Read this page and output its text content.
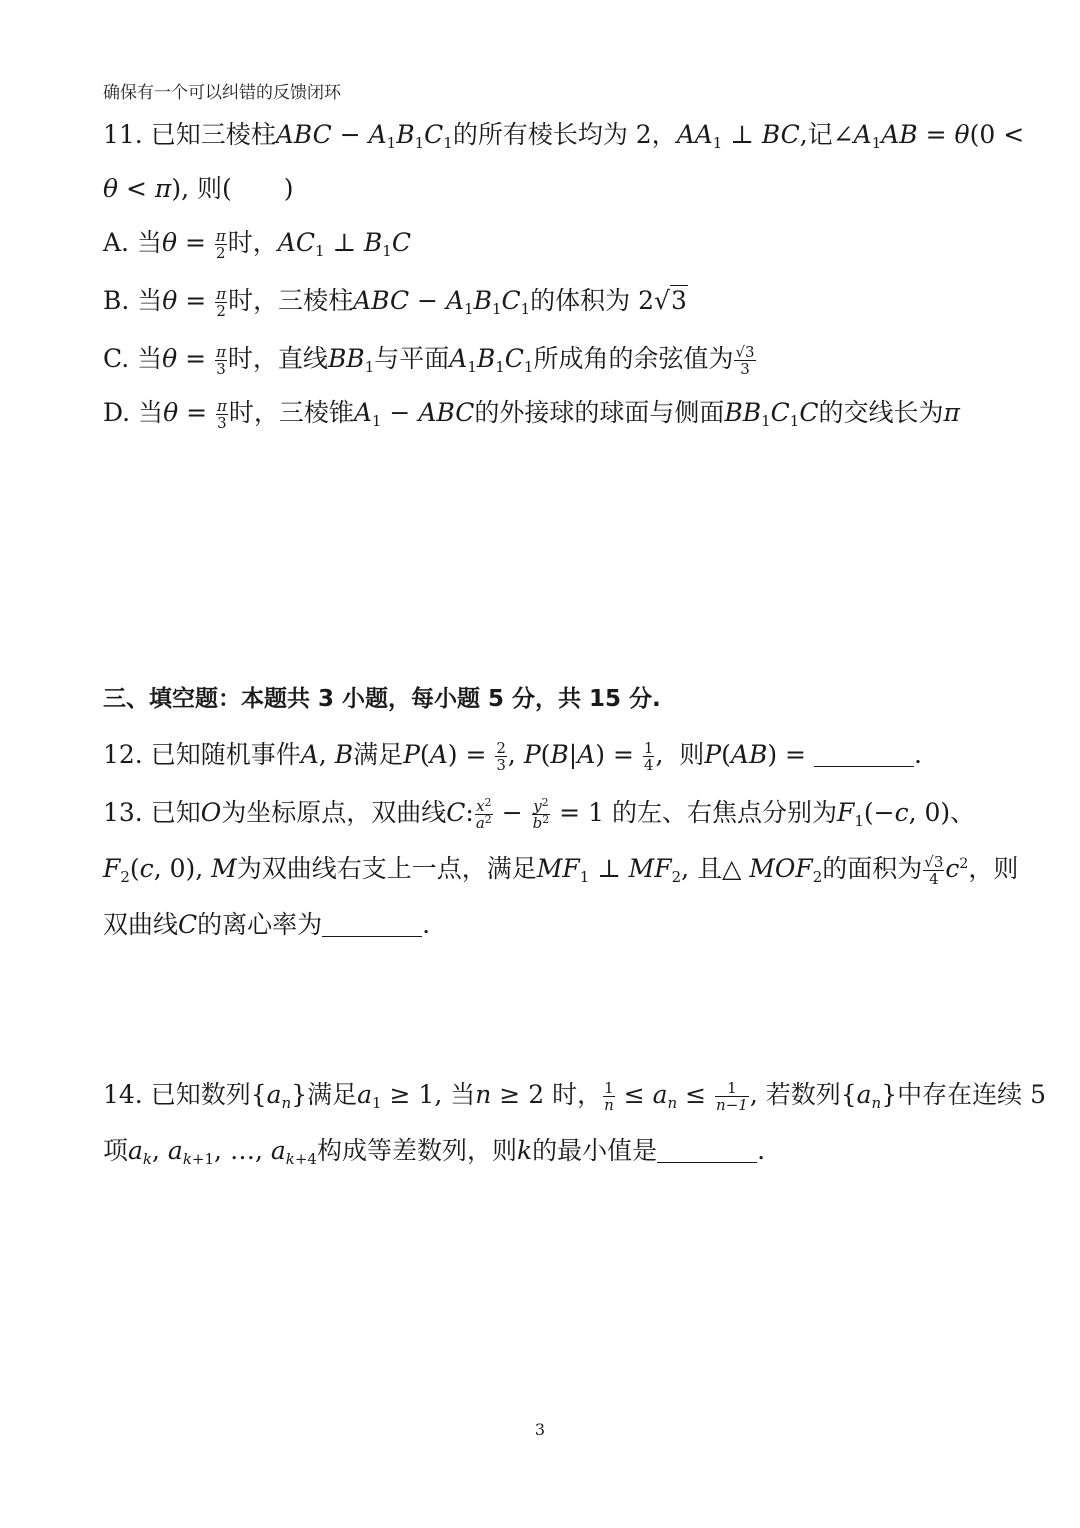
确保有一个可以纠错的反馈闭环
11. 已知三棱柱ABC − $A_1B_1C_1$的所有棱长均为 2，$AA_1$ ⊥ BC,记$\angle A_1AB = \theta(0$ <
θ < π), 则( )
A. 当$\theta = \frac{\pi}{2}$ 时，$AC_1$ ⊥ $B_1C$
B. 当$\theta = \frac{\pi}{2}$ 时，三棱柱ABC − $A_1B_1C_1$的体积为 2√3
C. 当$\theta = \frac{\pi}{3}$ 时，直线$BB_1$与平面$A_1B_1C_1$所成角的余弦值为 $\frac{√3}{3}$
D. 当$\theta = \frac{\pi}{3}$ 时，三棱锥$A_1$ − ABC的外接球的球面与侧面$BB_1C_1C$的交线长为π
三、填空题：本题共 3 小题，每小题 5 分，共 15 分.
12. 已知随机事件A, B满足$P(A) = \frac{2}{3}$ , $P(B|A) = \frac{1}{4}$ ,  则P(AB) =	.
13. 已知O为坐标原点，双曲线C: $\frac{x^2}{a^2} - \frac{y^2}{b^2} = 1$ 的左、右焦点分别为$F_1(-c$, 0)、
$F_2(c$, 0), M为双曲线右支上一点，满足$MF_1$ ⊥ $MF_2$, 且△ $MOF_2$的面积为 $\frac{√3}{4} c^2$，则
双曲线C的离心率为	.
14. 已知数列$\{a_n\}$满足$a_1 \ge 1$, 当n ≥ 2 时， $\frac{1}{n} \le a_n \le \frac{1}{n-1}$ , 若数列$\{a_n\}$中存在连续 5
项$a_k$, $a_{k+1}$, …, $a_{k+4}$构成等差数列，则k的最小值是	.
3
